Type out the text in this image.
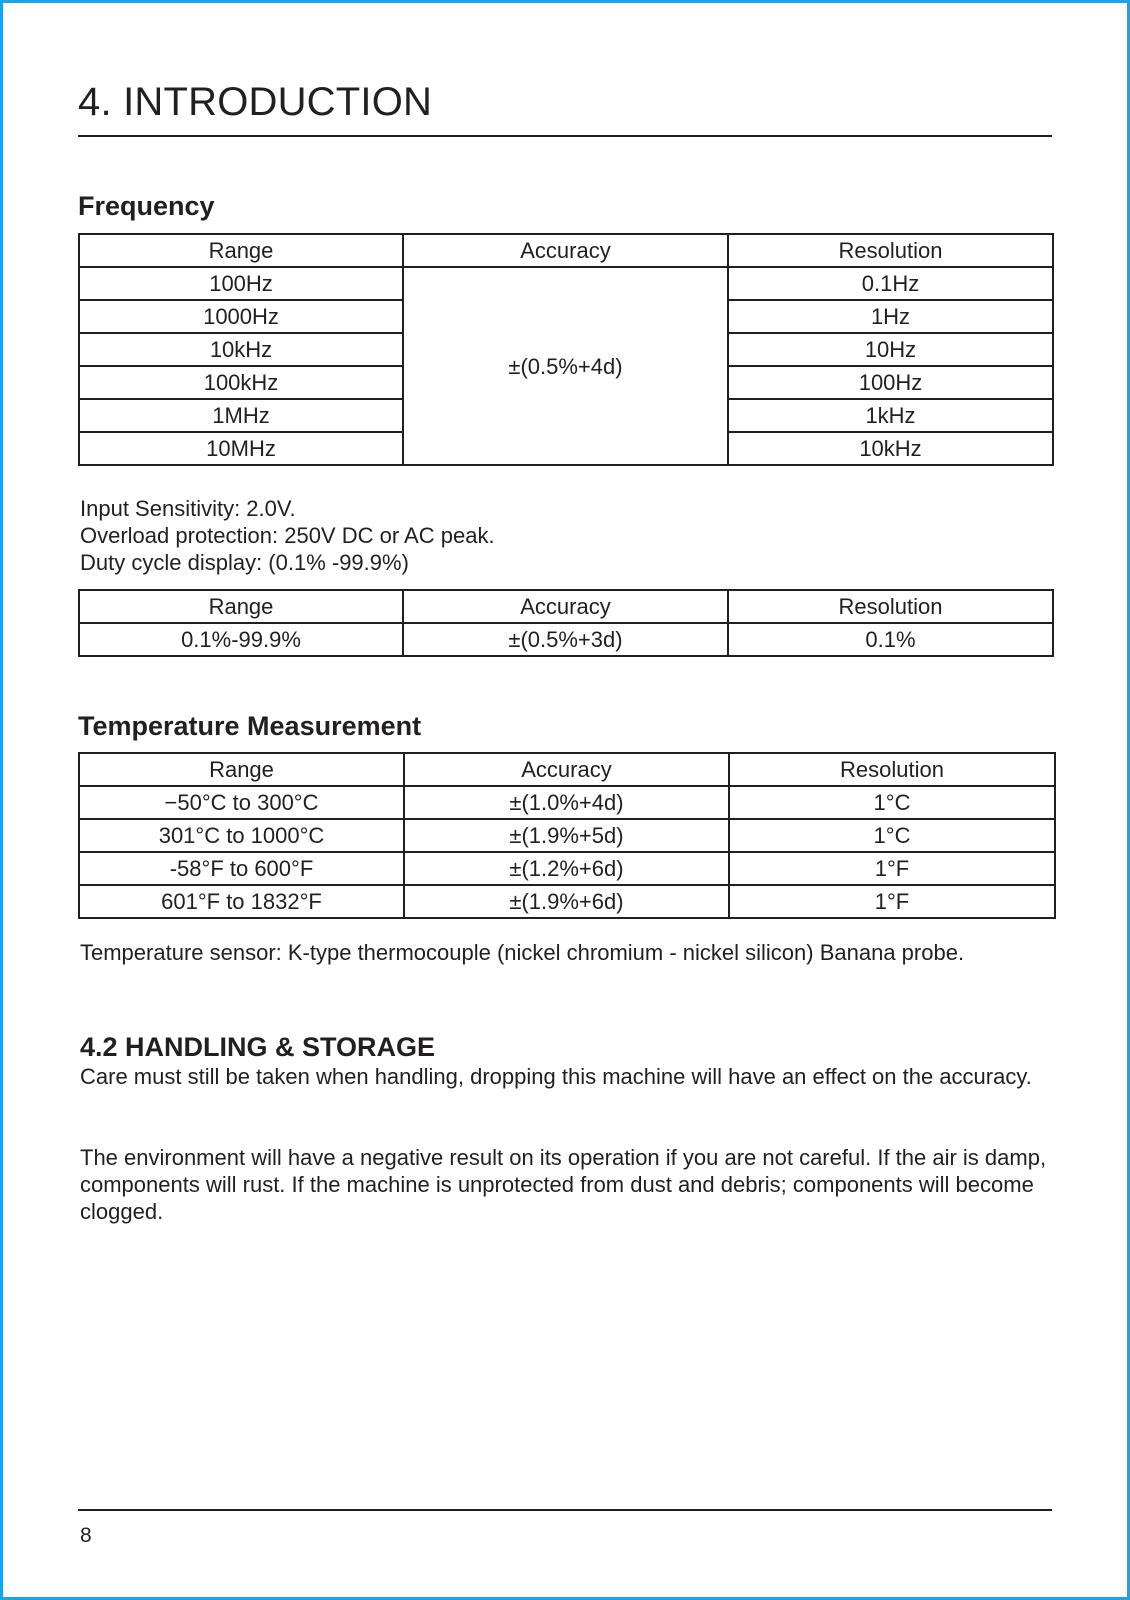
4. INTRODUCTION
Frequency
Range	Accuracy	Resolution
100Hz	±(0.5%+4d)	0.1Hz
1000Hz		1Hz
10kHz		10Hz
100kHz		100Hz
1MHz		1kHz
10MHz		10kHz

Input Sensitivity: 2.0V.

Overload protection: 250V DC or AC peak.

Duty cycle display: (0.1% -99.9%)

Range	Accuracy	Resolution
0.1%-99.9%	±(0.5%+3d)	0.1%
Temperature Measurement
Range	Accuracy	Resolution
−50°C to 300°C	±(1.0%+4d)	1°C
301°C to 1000°C	±(1.9%+5d)	1°C
-58°F to 600°F	±(1.2%+6d)	1°F
601°F to 1832°F	±(1.9%+6d)	1°F

Temperature sensor: K-type thermocouple (nickel chromium - nickel silicon) Banana probe.

4.2 HANDLING & STORAGE

Care must still be taken when handling, dropping this machine will have an effect on the accuracy.

The environment will have a negative result on its operation if you are not careful. If the air is damp, components will rust. If the machine is unprotected from dust and debris; components will become clogged.

8
